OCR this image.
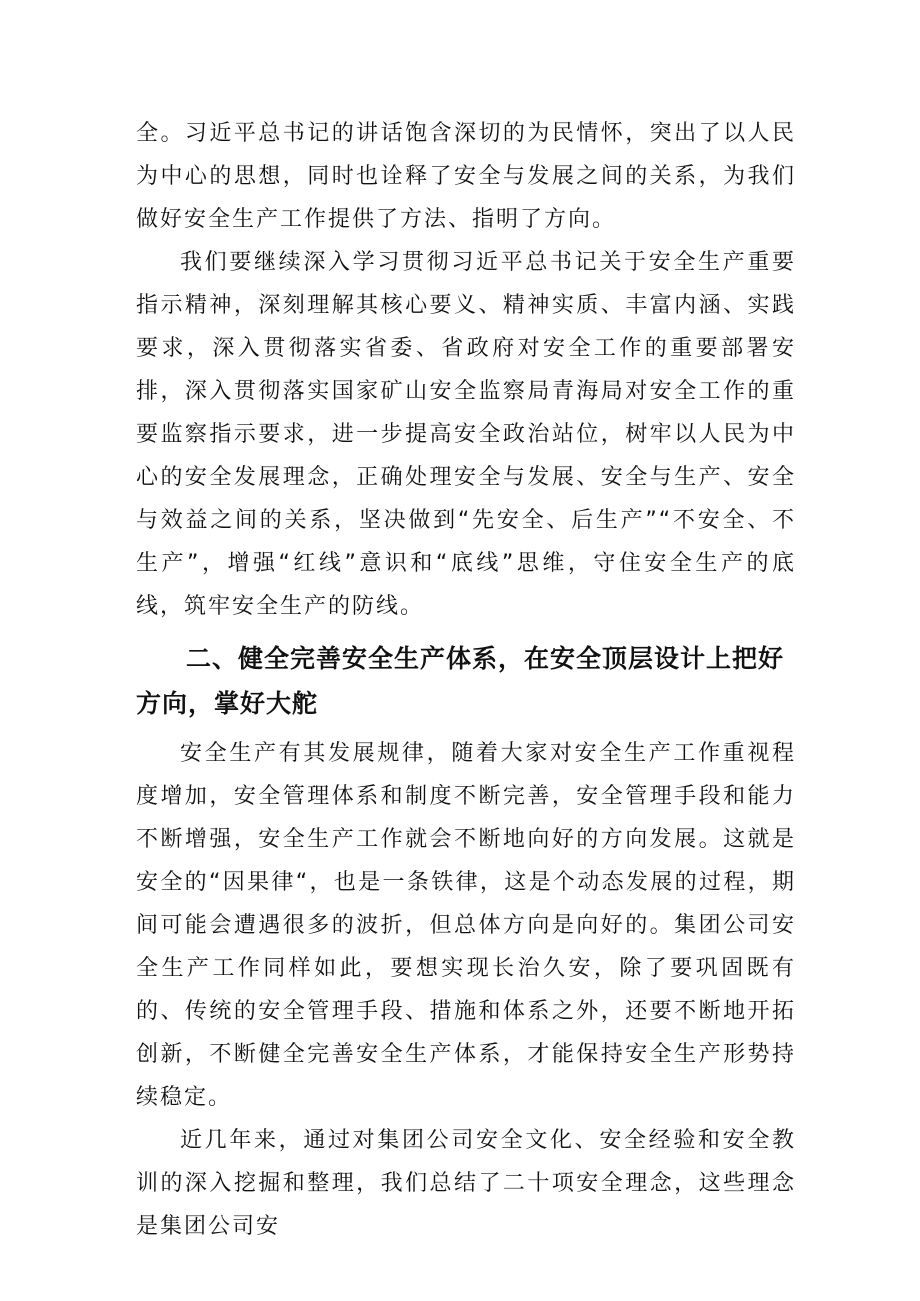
全。习近平总书记的讲话饱含深切的为民情怀，突出了以人民为中心的思想，同时也诠释了安全与发展之间的关系，为我们做好安全生产工作提供了方法、指明了方向。

我们要继续深入学习贯彻习近平总书记关于安全生产重要指示精神，深刻理解其核心要义、精神实质、丰富内涵、实践要求，深入贯彻落实省委、省政府对安全工作的重要部署安排，深入贯彻落实国家矿山安全监察局青海局对安全工作的重要监察指示要求，进一步提高安全政治站位，树牢以人民为中心的安全发展理念，正确处理安全与发展、安全与生产、安全与效益之间的关系，坚决做到“先安全、后生产”“不安全、不生产”，增强“红线”意识和“底线”思维，守住安全生产的底线，筑牢安全生产的防线。

二、健全完善安全生产体系，在安全顶层设计上把好方向，掌好大舵

安全生产有其发展规律，随着大家对安全生产工作重视程度增加，安全管理体系和制度不断完善，安全管理手段和能力不断增强，安全生产工作就会不断地向好的方向发展。这就是安全的“因果律“，也是一条铁律，这是个动态发展的过程，期间可能会遭遇很多的波折，但总体方向是向好的。集团公司安全生产工作同样如此，要想实现长治久安，除了要巩固既有的、传统的安全管理手段、措施和体系之外，还要不断地开拓创新，不断健全完善安全生产体系，才能保持安全生产形势持续稳定。

近几年来，通过对集团公司安全文化、安全经验和安全教训的深入挖掘和整理，我们总结了二十项安全理念，这些理念是集团公司安
